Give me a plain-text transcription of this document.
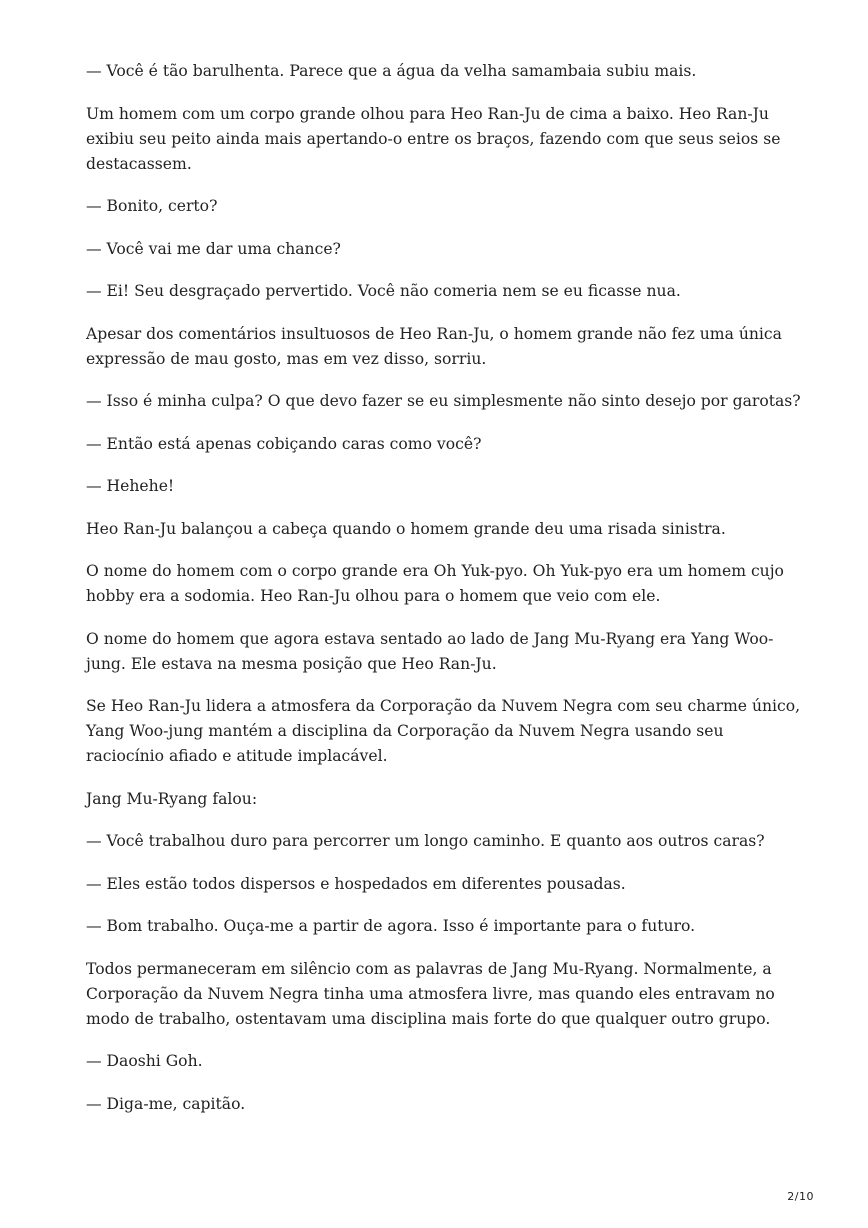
— Você é tão barulhenta. Parece que a água da velha samambaia subiu mais.
Um homem com um corpo grande olhou para Heo Ran-Ju de cima a baixo. Heo Ran-Ju
exibiu seu peito ainda mais apertando-o entre os braços, fazendo com que seus seios se
destacassem.
— Bonito, certo?
— Você vai me dar uma chance?
— Ei! Seu desgraçado pervertido. Você não comeria nem se eu ficasse nua.
Apesar dos comentários insultuosos de Heo Ran-Ju, o homem grande não fez uma única
expressão de mau gosto, mas em vez disso, sorriu.
— Isso é minha culpa? O que devo fazer se eu simplesmente não sinto desejo por garotas?
— Então está apenas cobiçando caras como você?
— Hehehe!
Heo Ran-Ju balançou a cabeça quando o homem grande deu uma risada sinistra.
O nome do homem com o corpo grande era Oh Yuk-pyo. Oh Yuk-pyo era um homem cujo
hobby era a sodomia. Heo Ran-Ju olhou para o homem que veio com ele.
O nome do homem que agora estava sentado ao lado de Jang Mu-Ryang era Yang Woo-
jung. Ele estava na mesma posição que Heo Ran-Ju.
Se Heo Ran-Ju lidera a atmosfera da Corporação da Nuvem Negra com seu charme único,
Yang Woo-jung mantém a disciplina da Corporação da Nuvem Negra usando seu
raciocínio afiado e atitude implacável.
Jang Mu-Ryang falou:
— Você trabalhou duro para percorrer um longo caminho. E quanto aos outros caras?
— Eles estão todos dispersos e hospedados em diferentes pousadas.
— Bom trabalho. Ouça-me a partir de agora. Isso é importante para o futuro.
Todos permaneceram em silêncio com as palavras de Jang Mu-Ryang. Normalmente, a
Corporação da Nuvem Negra tinha uma atmosfera livre, mas quando eles entravam no
modo de trabalho, ostentavam uma disciplina mais forte do que qualquer outro grupo.
— Daoshi Goh.
— Diga-me, capitão.
2/10
